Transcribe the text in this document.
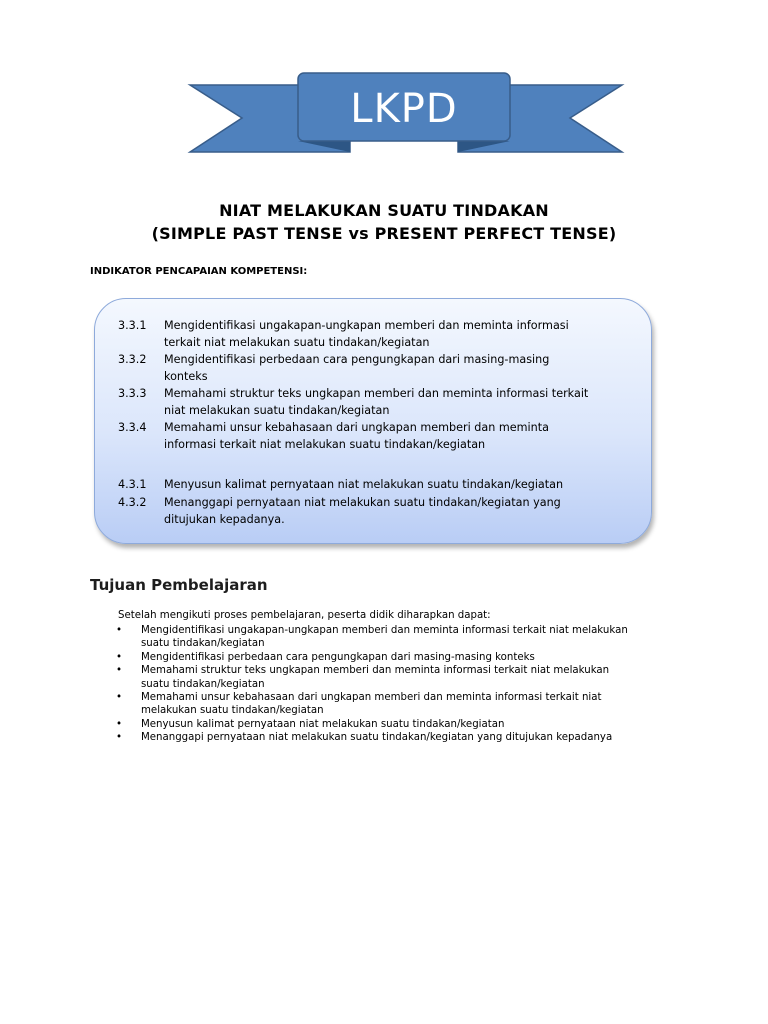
LKPD
NIAT MELAKUKAN SUATU TINDAKAN
(SIMPLE PAST TENSE vs PRESENT PERFECT TENSE)
INDIKATOR PENCAPAIAN KOMPETENSI:
3.3.1 Mengidentifikasi ungakapan-ungkapan memberi dan meminta informasi
terkait niat melakukan suatu tindakan/kegiatan
3.3.2 Mengidentifikasi perbedaan cara pengungkapan dari masing-masing
konteks
3.3.3 Memahami struktur teks ungkapan memberi dan meminta informasi terkait
niat melakukan suatu tindakan/kegiatan
3.3.4 Memahami unsur kebahasaan dari ungkapan memberi dan meminta
informasi terkait niat melakukan suatu tindakan/kegiatan
4.3.1 Menyusun kalimat pernyataan niat melakukan suatu tindakan/kegiatan
4.3.2 Menanggapi pernyataan niat melakukan suatu tindakan/kegiatan yang
ditujukan kepadanya.
Tujuan Pembelajaran
Setelah mengikuti proses pembelajaran, peserta didik diharapkan dapat:
• Mengidentifikasi ungakapan-ungkapan memberi dan meminta informasi terkait niat melakukan
suatu tindakan/kegiatan
• Mengidentifikasi perbedaan cara pengungkapan dari masing-masing konteks
• Memahami struktur teks ungkapan memberi dan meminta informasi terkait niat melakukan
suatu tindakan/kegiatan
• Memahami unsur kebahasaan dari ungkapan memberi dan meminta informasi terkait niat
melakukan suatu tindakan/kegiatan
• Menyusun kalimat pernyataan niat melakukan suatu tindakan/kegiatan
• Menanggapi pernyataan niat melakukan suatu tindakan/kegiatan yang ditujukan kepadanya
